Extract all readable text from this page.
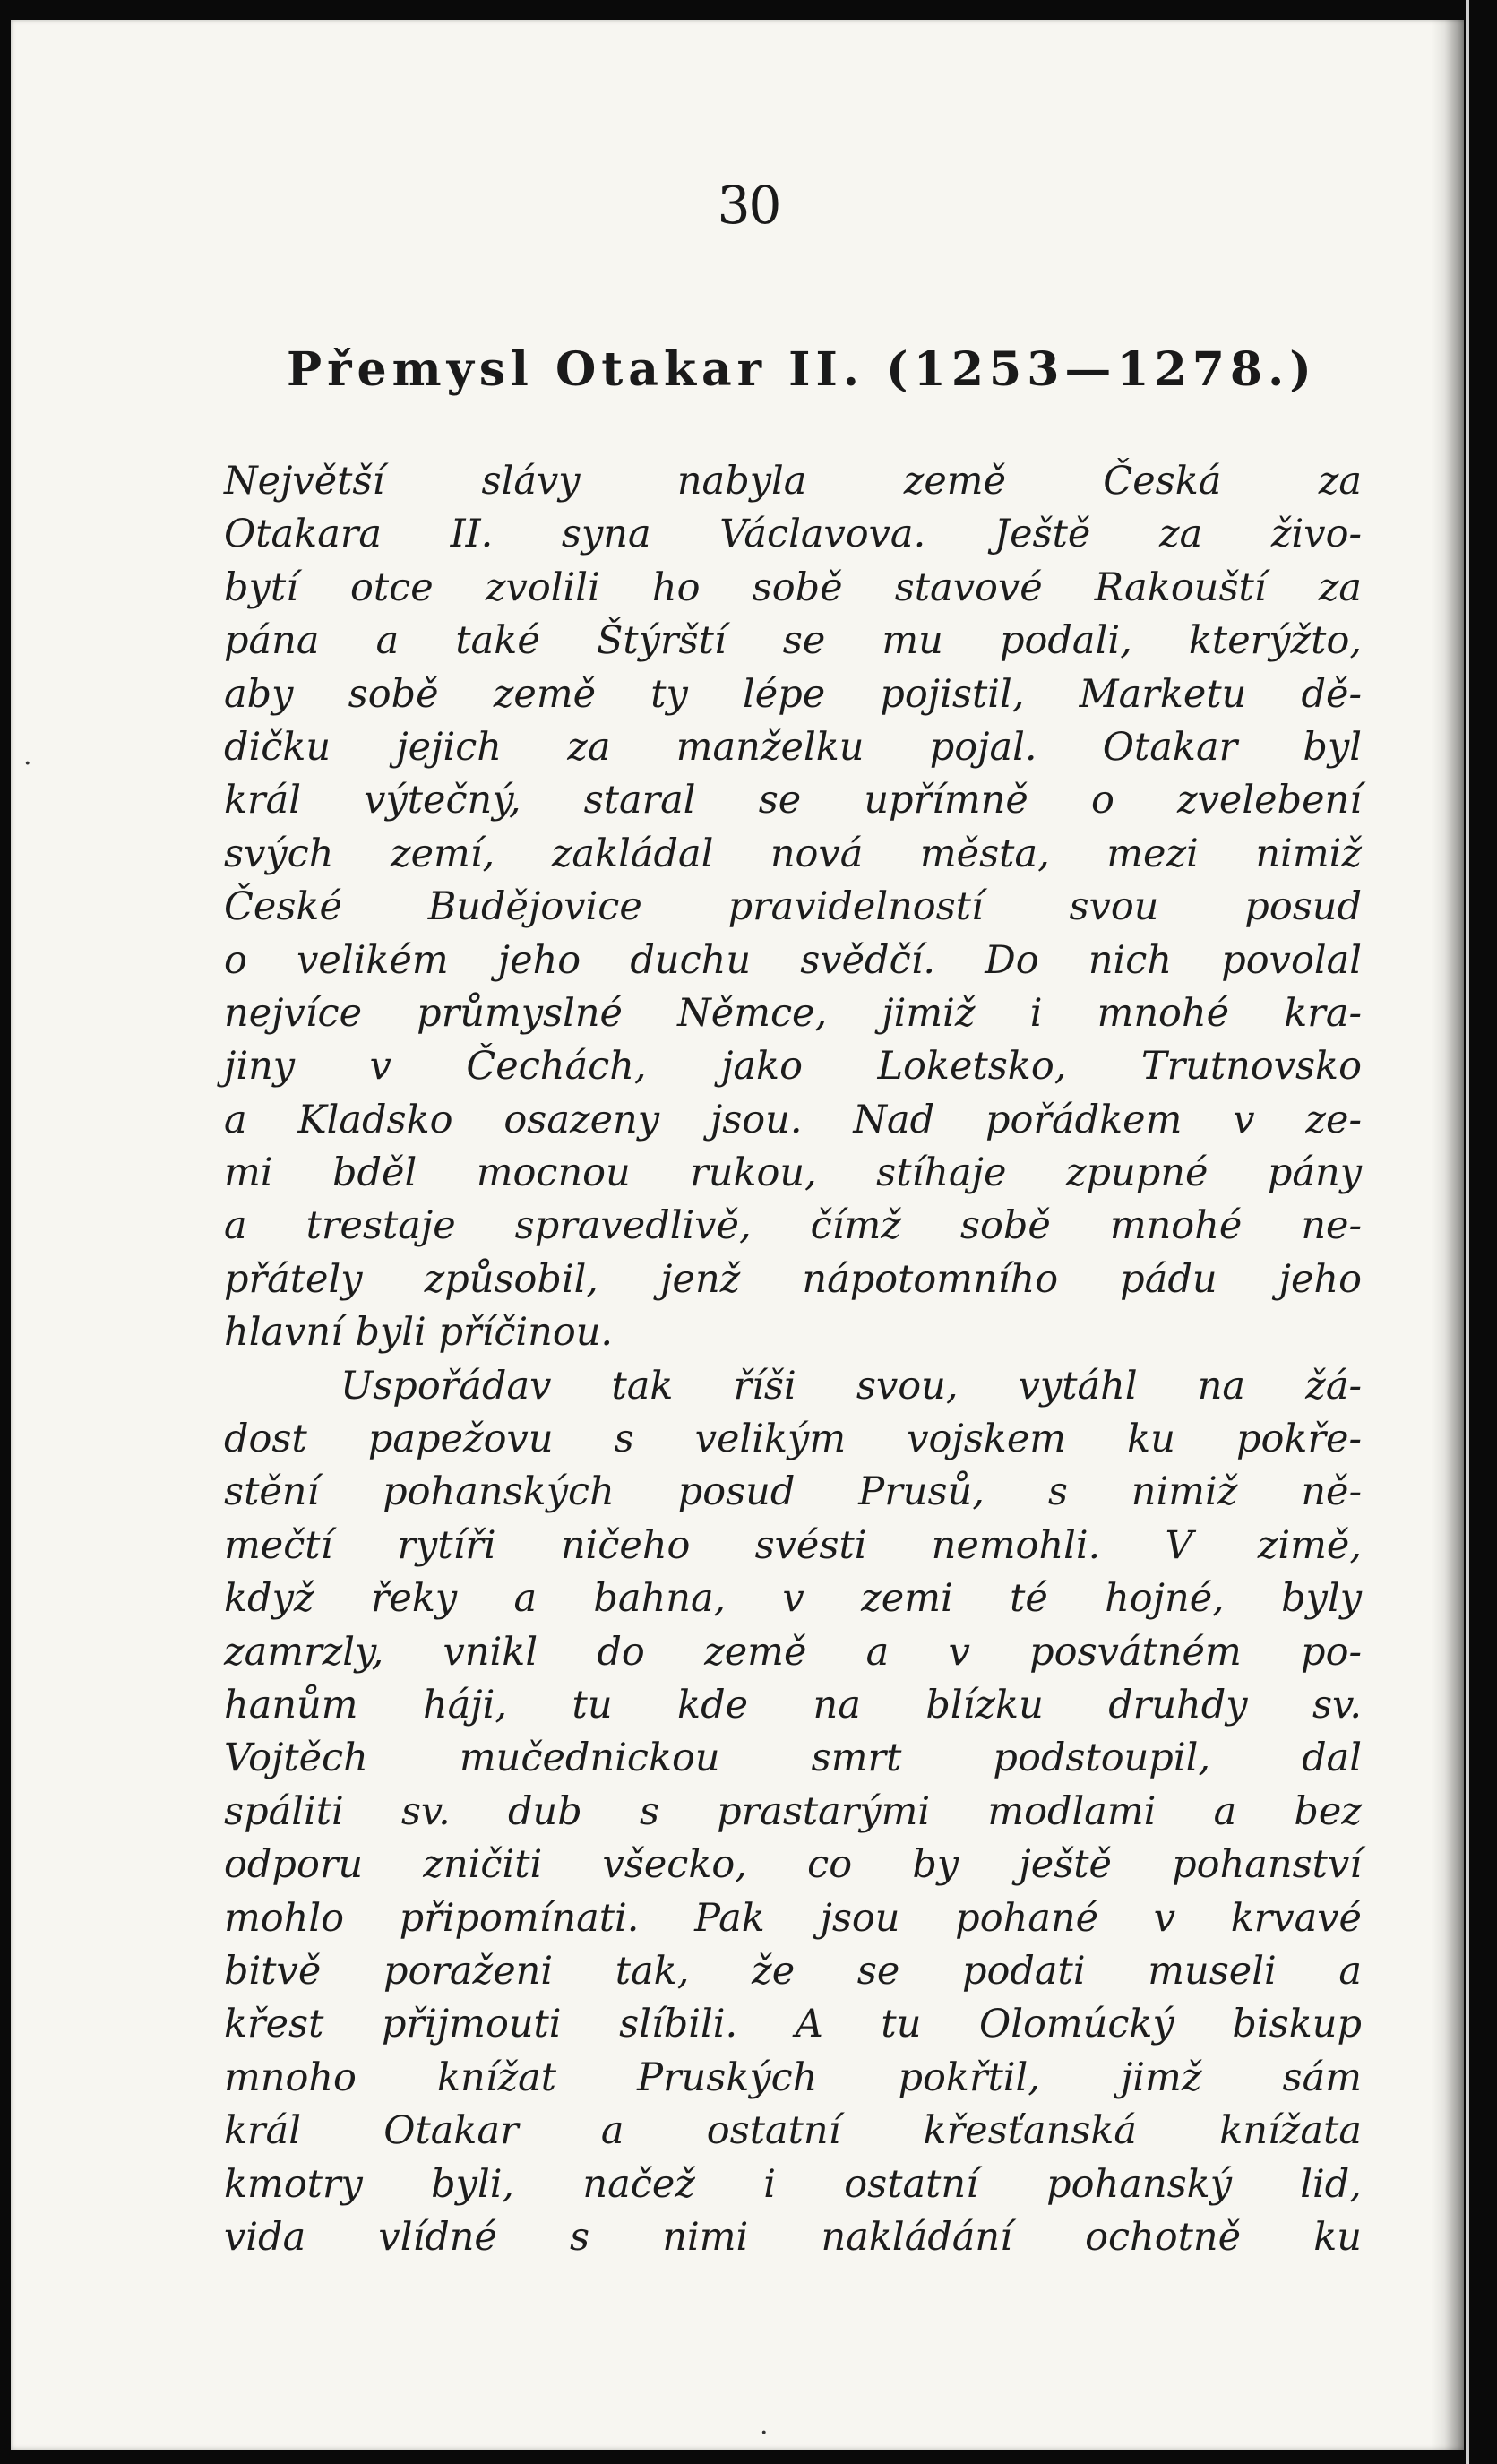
30
Přemysl Otakar II. (1253—1278.)
Největší slávy nabyla země Česká za
Otakara II. syna Václavova. Ještě za živo-
bytí otce zvolili ho sobě stavové Rakouští za
pána a také Štýrští se mu podali, kterýžto,
aby sobě země ty lépe pojistil, Marketu dě-
dičku jejich za manželku pojal. Otakar byl
král výtečný, staral se upřímně o zvelebení
svých zemí, zakládal nová města, mezi nimiž
České Budějovice pravidelností svou posud
o velikém jeho duchu svědčí. Do nich povolal
nejvíce průmyslné Němce, jimiž i mnohé kra-
jiny v Čechách, jako Loketsko, Trutnovsko
a Kladsko osazeny jsou. Nad pořádkem v ze-
mi bděl mocnou rukou, stíhaje zpupné pány
a trestaje spravedlivě, čímž sobě mnohé ne-
přátely způsobil, jenž nápotomního pádu jeho
hlavní byli příčinou.
Uspořádav tak říši svou, vytáhl na žá-
dost papežovu s velikým vojskem ku pokře-
stění pohanských posud Prusů, s nimiž ně-
mečtí rytíři ničeho svésti nemohli. V zimě,
když řeky a bahna, v zemi té hojné, byly
zamrzly, vnikl do země a v posvátném po-
hanům háji, tu kde na blízku druhdy sv.
Vojtěch mučednickou smrt podstoupil, dal
spáliti sv. dub s prastarými modlami a bez
odporu zničiti všecko, co by ještě pohanství
mohlo připomínati. Pak jsou pohané v krvavé
bitvě poraženi tak, že se podati museli a
křest přijmouti slíbili. A tu Olomúcký biskup
mnoho knížat Pruských pokřtil, jimž sám
král Otakar a ostatní křesťanská knížata
kmotry byli, načež i ostatní pohanský lid,
vida vlídné s nimi nakládání ochotně ku
·
·
